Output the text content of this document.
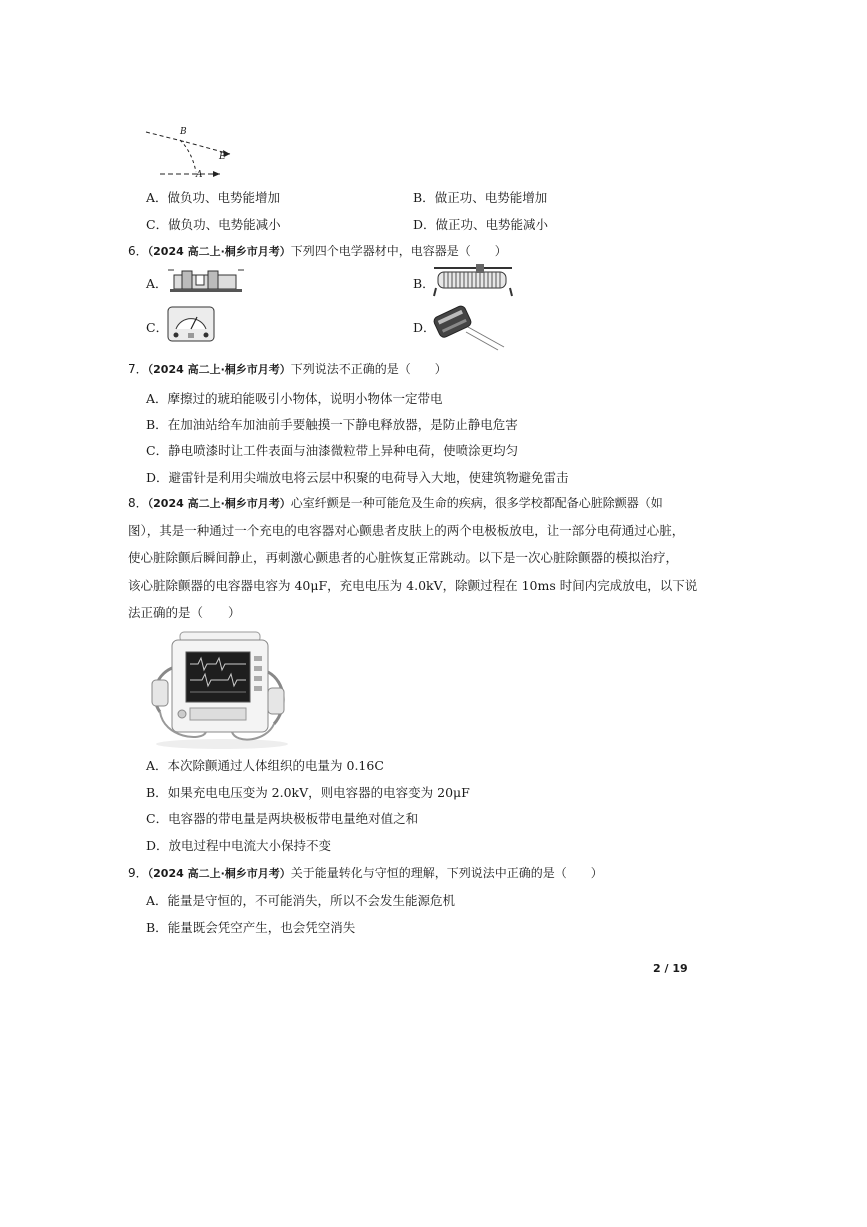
B
E
A
A．做负功、电势能增加	B．做正功、电势能增加
C．做负功、电势能减小	D．做正功、电势能减小
6．（2024 高二上·桐乡市月考）下列四个电学器材中，电容器是（　　）
A．	B．
C．	D．
7．（2024 高二上·桐乡市月考）下列说法不正确的是（　　）
A．摩擦过的琥珀能吸引小物体，说明小物体一定带电
B．在加油站给车加油前手要触摸一下静电释放器，是防止静电危害
C．静电喷漆时让工件表面与油漆微粒带上异种电荷，使喷涂更均匀
D．避雷针是利用尖端放电将云层中积聚的电荷导入大地，使建筑物避免雷击
8．（2024 高二上·桐乡市月考）心室纤颤是一种可能危及生命的疾病，很多学校都配备心脏除颤器（如
图），其是一种通过一个充电的电容器对心颤患者皮肤上的两个电极板放电，让一部分电荷通过心脏，
使心脏除颤后瞬间静止，再刺激心颤患者的心脏恢复正常跳动。以下是一次心脏除颤器的模拟治疗，
该心脏除颤器的电容器电容为 40μF，充电电压为 4.0kV，除颤过程在 10ms 时间内完成放电，以下说
法正确的是（　　）
A．本次除颤通过人体组织的电量为 0.16C
B．如果充电电压变为 2.0kV，则电容器的电容变为 20μF
C．电容器的带电量是两块极板带电量绝对值之和
D．放电过程中电流大小保持不变
9．（2024 高二上·桐乡市月考）关于能量转化与守恒的理解，下列说法中正确的是（　　）
A．能量是守恒的，不可能消失，所以不会发生能源危机
B．能量既会凭空产生，也会凭空消失
2 / 19
